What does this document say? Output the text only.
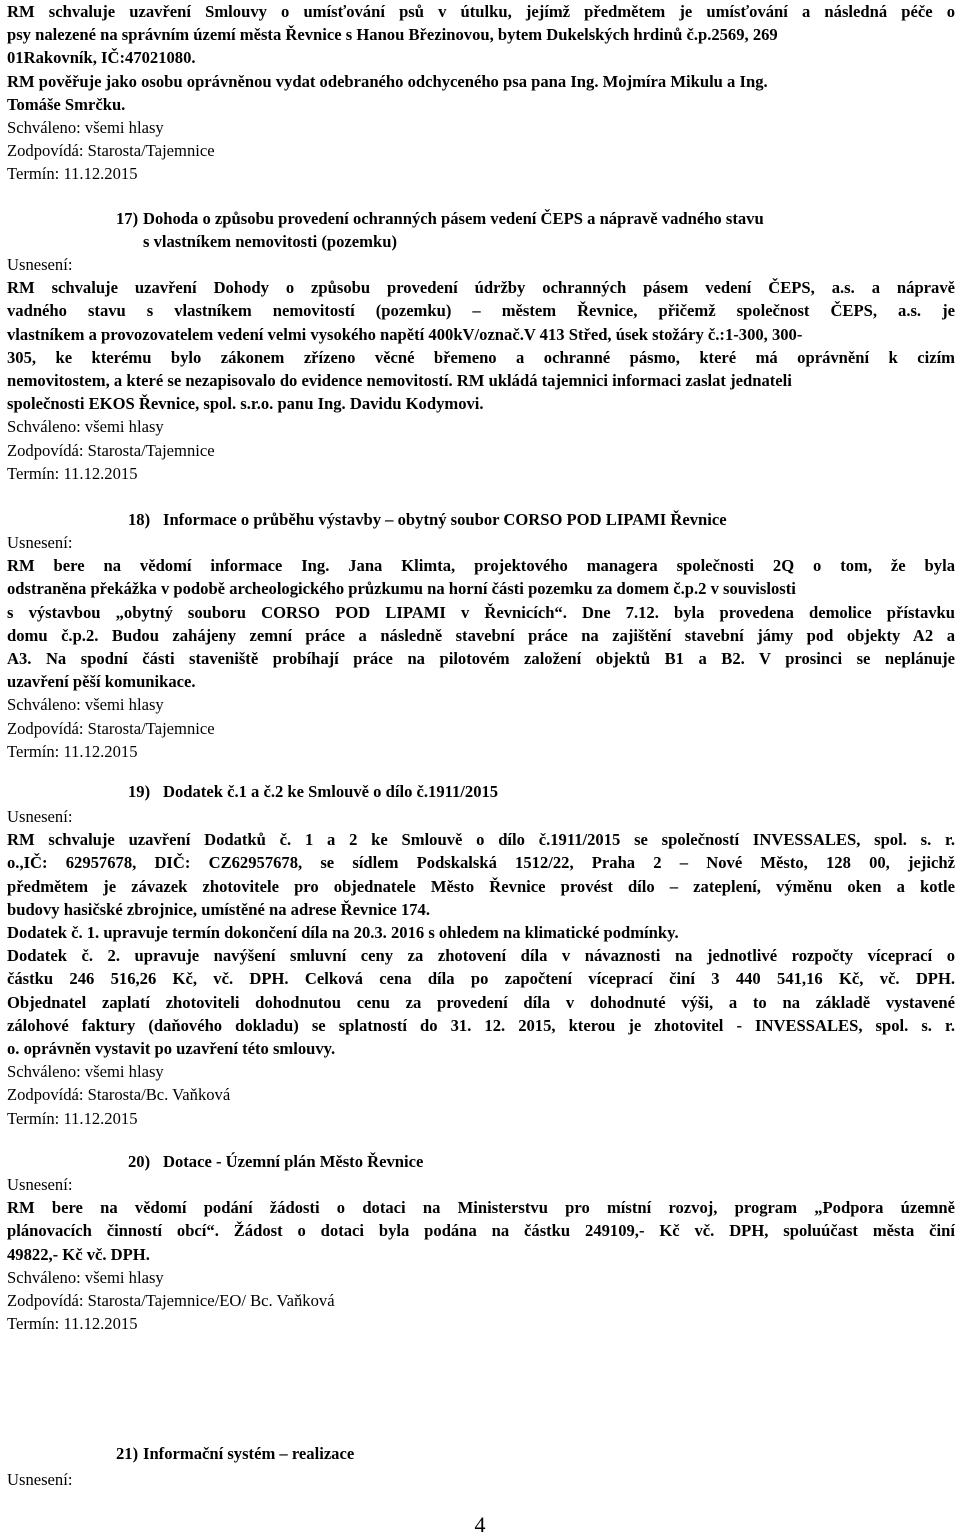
RM schvaluje uzavření Smlouvy o umísťování psů v útulku, jejímž předmětem je umísťování a následná péče o

psy nalezené na správním území města Řevnice s Hanou Březinovou, bytem Dukelských hrdinů č.p.2569, 269

01Rakovník, IČ:47021080.

RM pověřuje jako osobu oprávněnou vydat odebraného odchyceného psa pana Ing. Mojmíra Mikulu a Ing.

Tomáše Smrčku.

Schváleno: všemi hlasy

Zodpovídá: Starosta/Tajemnice

Termín: 11.12.2015

17) Dohoda o způsobu provedení ochranných pásem vedení ČEPS a nápravě vadného stavu
s vlastníkem nemovitosti (pozemku)

Usnesení:

RM schvaluje uzavření Dohody o způsobu provedení údržby ochranných pásem vedení ČEPS, a.s. a nápravě

vadného stavu s vlastníkem nemovitostí (pozemku) – městem Řevnice, přičemž společnost ČEPS, a.s. je

vlastníkem a provozovatelem vedení velmi vysokého napětí 400kV/označ.V 413 Střed, úsek stožáry č.:1-300, 300-

305, ke kterému bylo zákonem zřízeno věcné břemeno a ochranné pásmo, které má oprávnění k cizím

nemovitostem, a které se nezapisovalo do evidence nemovitostí. RM ukládá tajemnici informaci zaslat jednateli

společnosti EKOS Řevnice, spol. s.r.o. panu Ing. Davidu Kodymovi.

Schváleno: všemi hlasy

Zodpovídá: Starosta/Tajemnice

Termín: 11.12.2015

18) Informace o průběhu výstavby – obytný soubor CORSO POD LIPAMI Řevnice

Usnesení:

RM bere na vědomí informace Ing. Jana Klimta, projektového managera společnosti 2Q o tom, že byla

odstraněna překážka v podobě archeologického průzkumu na horní části pozemku za domem č.p.2 v souvislosti

s výstavbou „obytný souboru CORSO POD LIPAMI v Řevnicích“. Dne 7.12. byla provedena demolice přístavku

domu č.p.2. Budou zahájeny zemní práce a následně stavební práce na zajištění stavební jámy pod objekty A2 a

A3. Na spodní části staveniště probíhají práce na pilotovém založení objektů B1 a B2. V prosinci se neplánuje

uzavření pěší komunikace.

Schváleno: všemi hlasy

Zodpovídá: Starosta/Tajemnice

Termín: 11.12.2015

19) Dodatek č.1 a č.2 ke Smlouvě o dílo č.1911/2015

Usnesení:

RM schvaluje uzavření Dodatků č. 1 a 2 ke Smlouvě o dílo č.1911/2015 se společností INVESSALES, spol. s. r.

o.,IČ: 62957678, DIČ: CZ62957678, se sídlem Podskalská 1512/22, Praha 2 – Nové Město, 128 00, jejichž

předmětem je závazek zhotovitele pro objednatele Město Řevnice provést dílo – zateplení, výměnu oken a kotle

budovy hasičské zbrojnice, umístěné na adrese Řevnice 174.

Dodatek č. 1. upravuje termín dokončení díla na 20.3. 2016 s ohledem na klimatické podmínky.

Dodatek č. 2. upravuje navýšení smluvní ceny za zhotovení díla v návaznosti na jednotlivé rozpočty víceprací o

částku 246 516,26 Kč, vč. DPH. Celková cena díla po započtení víceprací činí 3 440 541,16 Kč, vč. DPH.

Objednatel zaplatí zhotoviteli dohodnutou cenu za provedení díla v dohodnuté výši, a to na základě vystavené

zálohové faktury (daňového dokladu) se splatností do 31. 12. 2015, kterou je zhotovitel - INVESSALES, spol. s. r.

o. oprávněn vystavit po uzavření této smlouvy.

Schváleno: všemi hlasy

Zodpovídá: Starosta/Bc. Vaňková

Termín: 11.12.2015

20) Dotace - Územní plán Město Řevnice

Usnesení:

RM bere na vědomí podání žádosti o dotaci na Ministerstvu pro místní rozvoj, program „Podpora územně

plánovacích činností obcí“. Žádost o dotaci byla podána na částku 249109,- Kč vč. DPH, spoluúčast města činí

49822,- Kč vč. DPH.

Schváleno: všemi hlasy

Zodpovídá: Starosta/Tajemnice/EO/ Bc. Vaňková

Termín: 11.12.2015

21) Informační systém – realizace

Usnesení:

4
